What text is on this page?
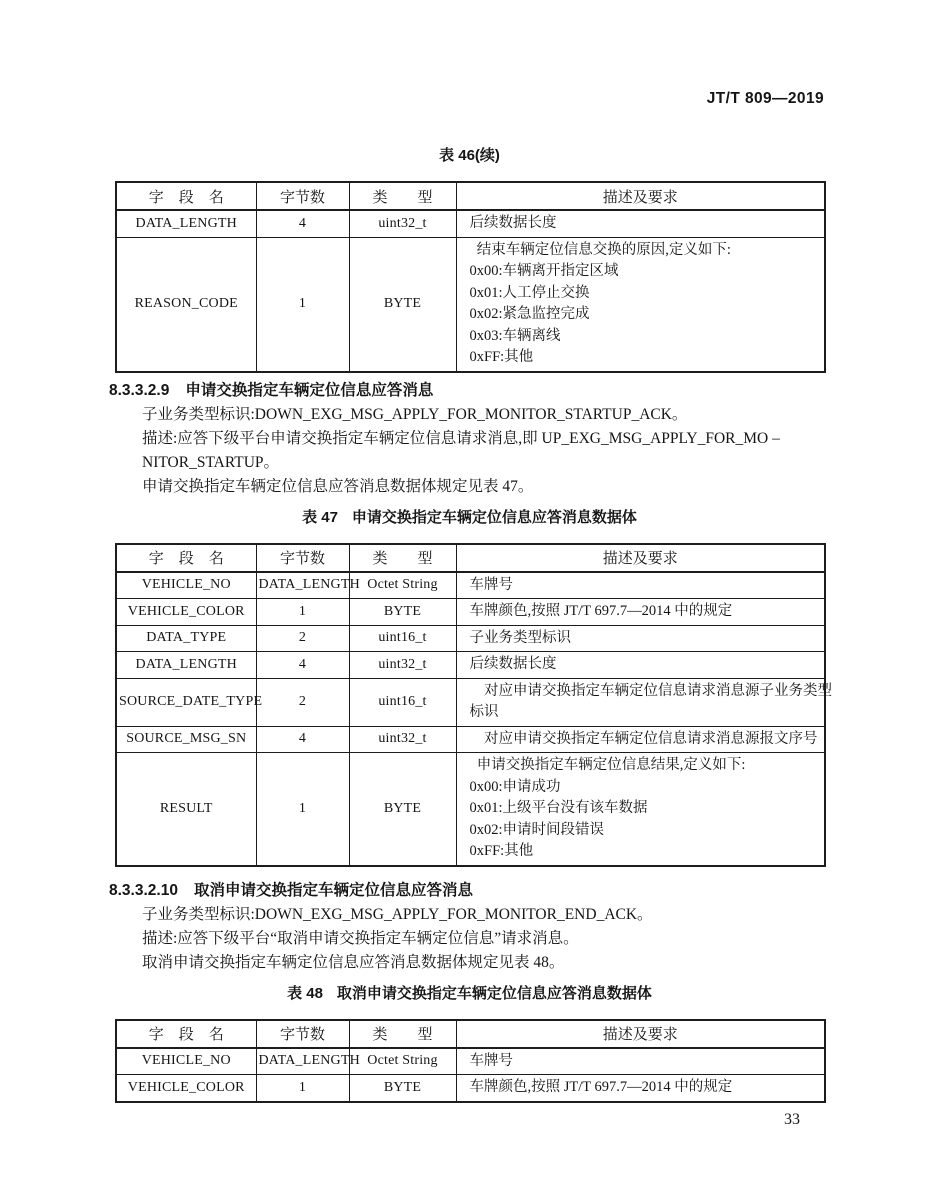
JT/T 809—2019
表 46(续)
字　段　名	字节数	类　　型	描述及要求
DATA_LENGTH	4	uint32_t	后续数据长度

REASON_CODE	1	BYTE	
结束车辆定位信息交换的原因,定义如下:
0x00:车辆离开指定区域
0x01:人工停止交换
0x02:紧急监控完成
0x03:车辆离线
0xFF:其他
8.3.3.2.9 申请交换指定车辆定位信息应答消息
子业务类型标识:DOWN_EXG_MSG_APPLY_FOR_MONITOR_STARTUP_ACK。
描述:应答下级平台申请交换指定车辆定位信息请求消息,即 UP_EXG_MSG_APPLY_FOR_MO –
NITOR_STARTUP。
申请交换指定车辆定位信息应答消息数据体规定见表 47。
表 47 申请交换指定车辆定位信息应答消息数据体
字　段　名	字节数	类　　型	描述及要求
VEHICLE_NO	DATA_LENGTH	Octet String	车牌号

VEHICLE_COLOR	1	BYTE	车牌颜色,按照 JT/T 697.7—2014 中的规定

DATA_TYPE	2	uint16_t	子业务类型标识

DATA_LENGTH	4	uint32_t	后续数据长度

SOURCE_DATE_TYPE	2	uint16_t	　对应申请交换指定车辆定位信息请求消息源子业务类型
标识

SOURCE_MSG_SN	4	uint32_t	　对应申请交换指定车辆定位信息请求消息源报文序号

RESULT	1	BYTE	申请交换指定车辆定位信息结果,定义如下:
0x00:申请成功
0x01:上级平台没有该车数据
0x02:申请时间段错误
0xFF:其他
8.3.3.2.10 取消申请交换指定车辆定位信息应答消息
子业务类型标识:DOWN_EXG_MSG_APPLY_FOR_MONITOR_END_ACK。
描述:应答下级平台“取消申请交换指定车辆定位信息”请求消息。
取消申请交换指定车辆定位信息应答消息数据体规定见表 48。
表 48 取消申请交换指定车辆定位信息应答消息数据体
字　段　名	字节数	类　　型	描述及要求
VEHICLE_NO	DATA_LENGTH	Octet String	车牌号

VEHICLE_COLOR	1	BYTE	车牌颜色,按照 JT/T 697.7—2014 中的规定
33
